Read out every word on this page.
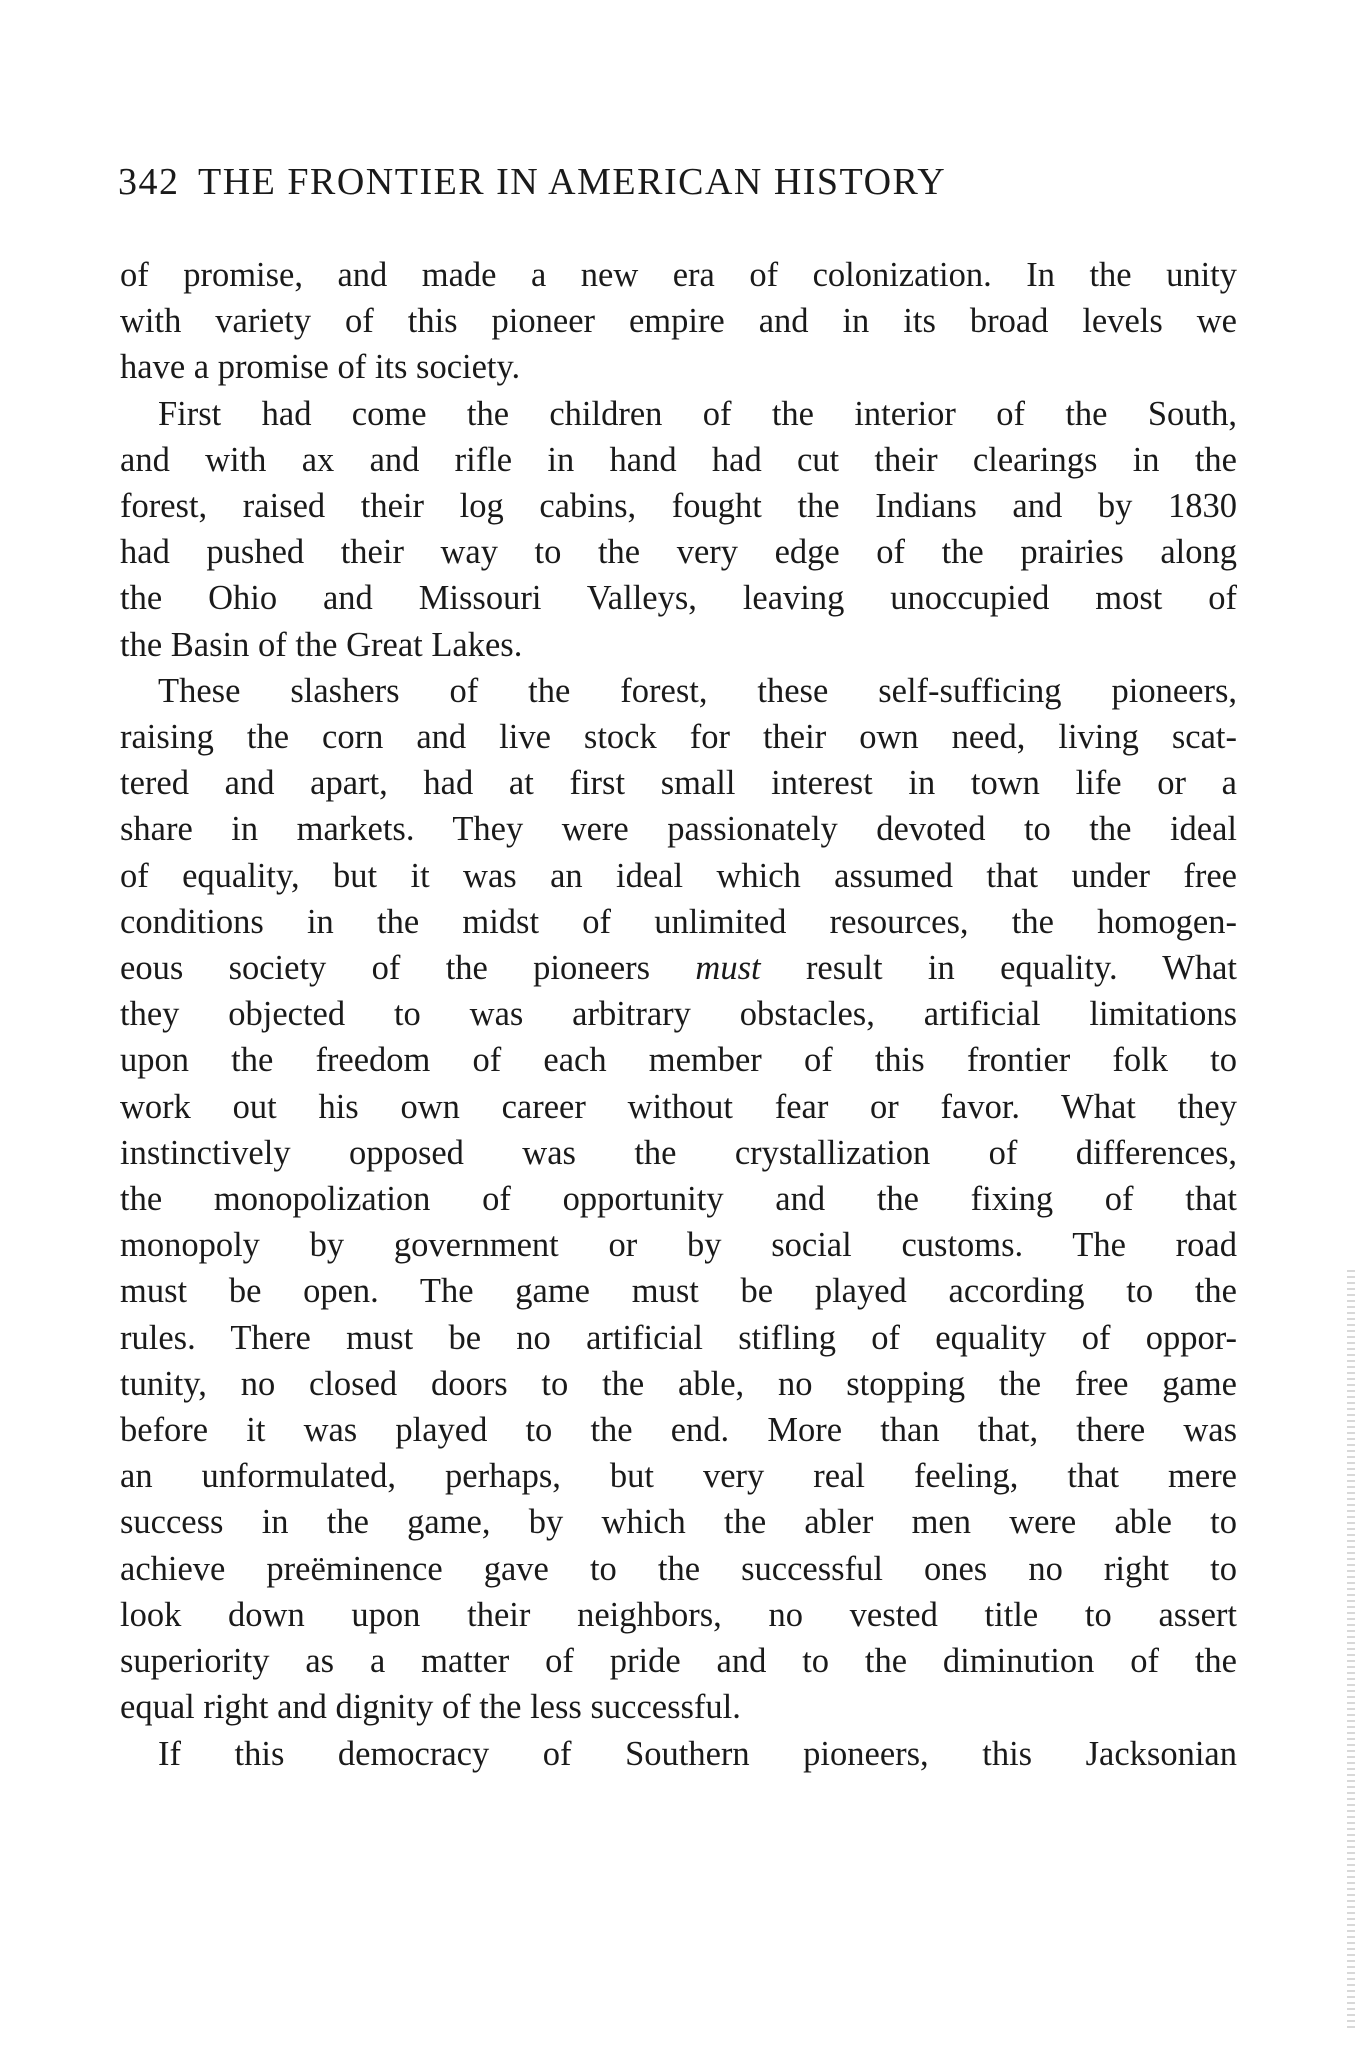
342 THE FRONTIER IN AMERICAN HISTORY

of promise, and made a new era of colonization. In the unity
with variety of this pioneer empire and in its broad levels we
have a promise of its society.

First had come the children of the interior of the South,
and with ax and rifle in hand had cut their clearings in the
forest, raised their log cabins, fought the Indians and by 1830
had pushed their way to the very edge of the prairies along
the Ohio and Missouri Valleys, leaving unoccupied most of
the Basin of the Great Lakes.

These slashers of the forest, these self-sufficing pioneers,
raising the corn and live stock for their own need, living scat-
tered and apart, had at first small interest in town life or a
share in markets. They were passionately devoted to the ideal
of equality, but it was an ideal which assumed that under free
conditions in the midst of unlimited resources, the homogen-
eous society of the pioneers must result in equality. What
they objected to was arbitrary obstacles, artificial limitations
upon the freedom of each member of this frontier folk to
work out his own career without fear or favor. What they
instinctively opposed was the crystallization of differences,
the monopolization of opportunity and the fixing of that
monopoly by government or by social customs. The road
must be open. The game must be played according to the
rules. There must be no artificial stifling of equality of oppor-
tunity, no closed doors to the able, no stopping the free game
before it was played to the end. More than that, there was
an unformulated, perhaps, but very real feeling, that mere
success in the game, by which the abler men were able to
achieve preëminence gave to the successful ones no right to
look down upon their neighbors, no vested title to assert
superiority as a matter of pride and to the diminution of the
equal right and dignity of the less successful.

If this democracy of Southern pioneers, this Jacksonian
